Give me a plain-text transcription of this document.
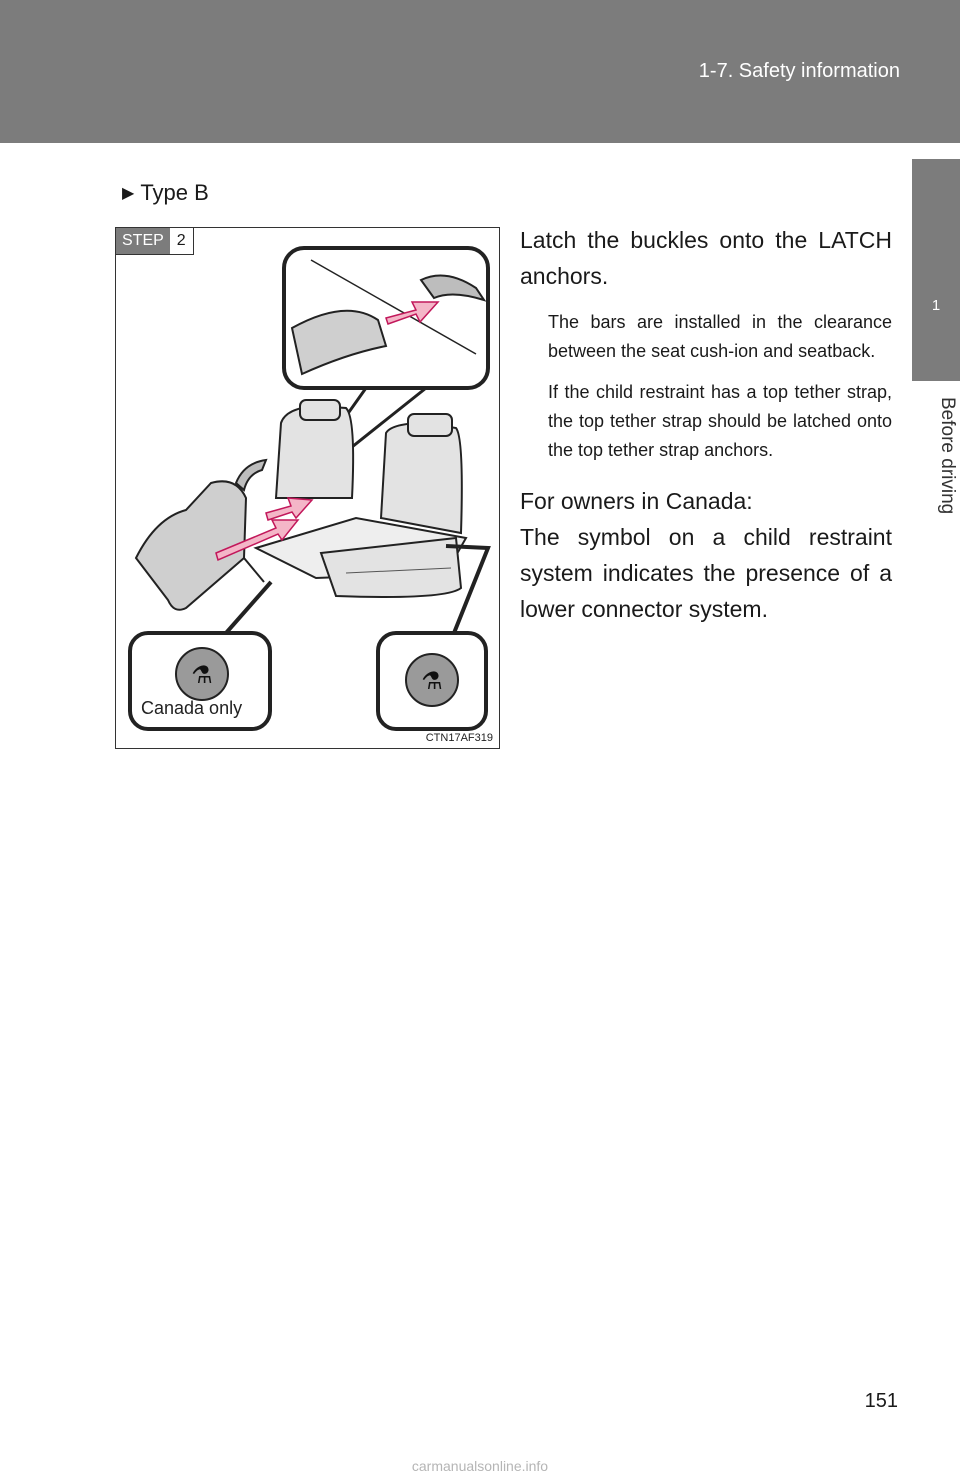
1-7. Safety information
1
Before driving
▶ Type B
⚗	⚗
STEP 2
Canada only
CTN17AF319

Latch the buckles onto the LATCH anchors.

The bars are installed in the clearance between the seat cush-ion and seatback.

If the child restraint has a top tether strap, the top tether strap should be latched onto the top tether strap anchors.

For owners in Canada:

The symbol on a child restraint system indicates the presence of a lower connector system.

151
carmanualsonline.info
